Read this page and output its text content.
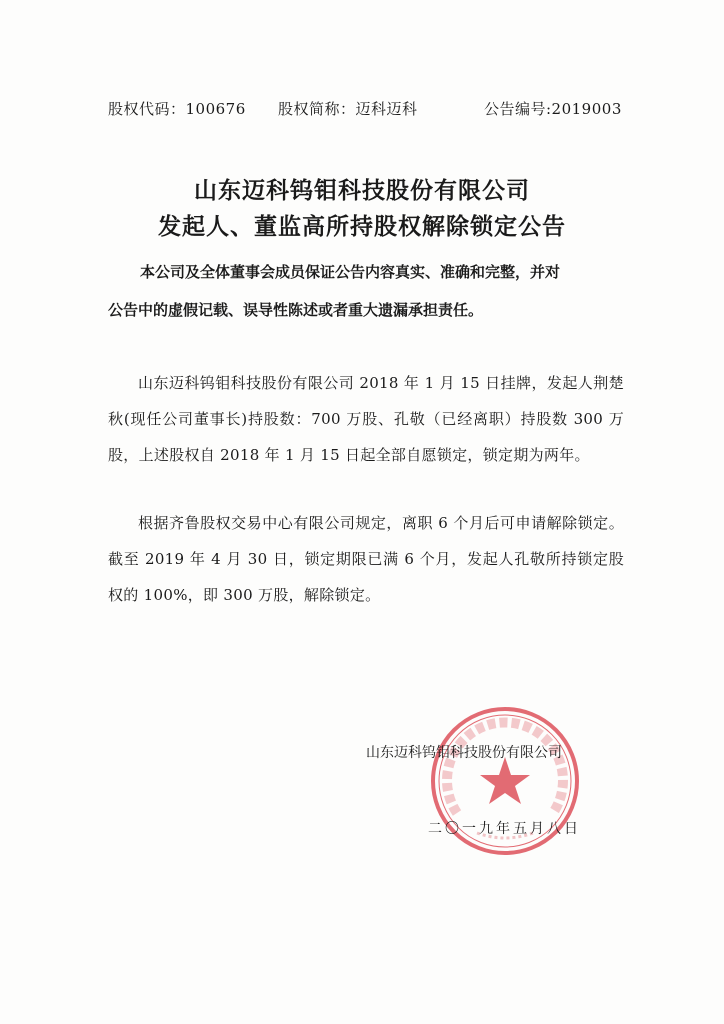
股权代码：100676 股权简称：迈科迈科	公告编号:2019003
山东迈科钨钼科技股份有限公司
发起人、董监高所持股权解除锁定公告
本公司及全体董事会成员保证公告内容真实、准确和完整，并对
公告中的虚假记载、误导性陈述或者重大遗漏承担责任。
山东迈科钨钼科技股份有限公司 2018 年 1 月 15 日挂牌，发起人荆楚秋(现任公司董事长)持股数：700 万股、孔敬（已经离职）持股数 300 万股，上述股权自 2018 年 1 月 15 日起全部自愿锁定，锁定期为两年。
根据齐鲁股权交易中心有限公司规定，离职 6 个月后可申请解除锁定。截至 2019 年 4 月 30 日，锁定期限已满 6 个月，发起人孔敬所持锁定股权的 100%，即 300 万股，解除锁定。
山东迈科钨钼科技股份有限公司
二〇一九年五月八日
